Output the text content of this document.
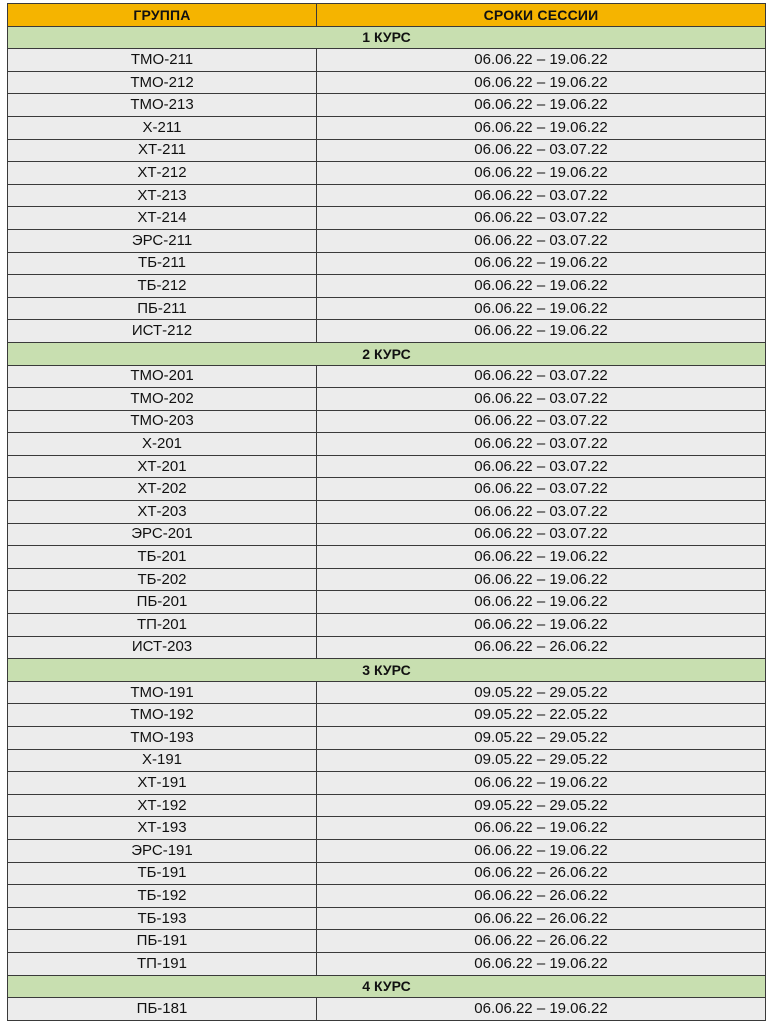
ГРУППА	СРОКИ СЕССИИ
1 КУРС	
ТМО-211	06.06.22 – 19.06.22
ТМО-212	06.06.22 – 19.06.22
ТМО-213	06.06.22 – 19.06.22
Х-211	06.06.22 – 19.06.22
ХТ-211	06.06.22 – 03.07.22
ХТ-212	06.06.22 – 19.06.22
ХТ-213	06.06.22 – 03.07.22
ХТ-214	06.06.22 – 03.07.22
ЭРС-211	06.06.22 – 03.07.22
ТБ-211	06.06.22 – 19.06.22
ТБ-212	06.06.22 – 19.06.22
ПБ-211	06.06.22 – 19.06.22
ИСТ-212	06.06.22 – 19.06.22
2 КУРС	
ТМО-201	06.06.22 – 03.07.22
ТМО-202	06.06.22 – 03.07.22
ТМО-203	06.06.22 – 03.07.22
Х-201	06.06.22 – 03.07.22
ХТ-201	06.06.22 – 03.07.22
ХТ-202	06.06.22 – 03.07.22
ХТ-203	06.06.22 – 03.07.22
ЭРС-201	06.06.22 – 03.07.22
ТБ-201	06.06.22 – 19.06.22
ТБ-202	06.06.22 – 19.06.22
ПБ-201	06.06.22 – 19.06.22
ТП-201	06.06.22 – 19.06.22
ИСТ-203	06.06.22 – 26.06.22
3 КУРС	
ТМО-191	09.05.22 – 29.05.22
ТМО-192	09.05.22 – 22.05.22
ТМО-193	09.05.22 – 29.05.22
Х-191	09.05.22 – 29.05.22
ХТ-191	06.06.22 – 19.06.22
ХТ-192	09.05.22 – 29.05.22
ХТ-193	06.06.22 – 19.06.22
ЭРС-191	06.06.22 – 19.06.22
ТБ-191	06.06.22 – 26.06.22
ТБ-192	06.06.22 – 26.06.22
ТБ-193	06.06.22 – 26.06.22
ПБ-191	06.06.22 – 26.06.22
ТП-191	06.06.22 – 19.06.22
4 КУРС	
ПБ-181	06.06.22 – 19.06.22
